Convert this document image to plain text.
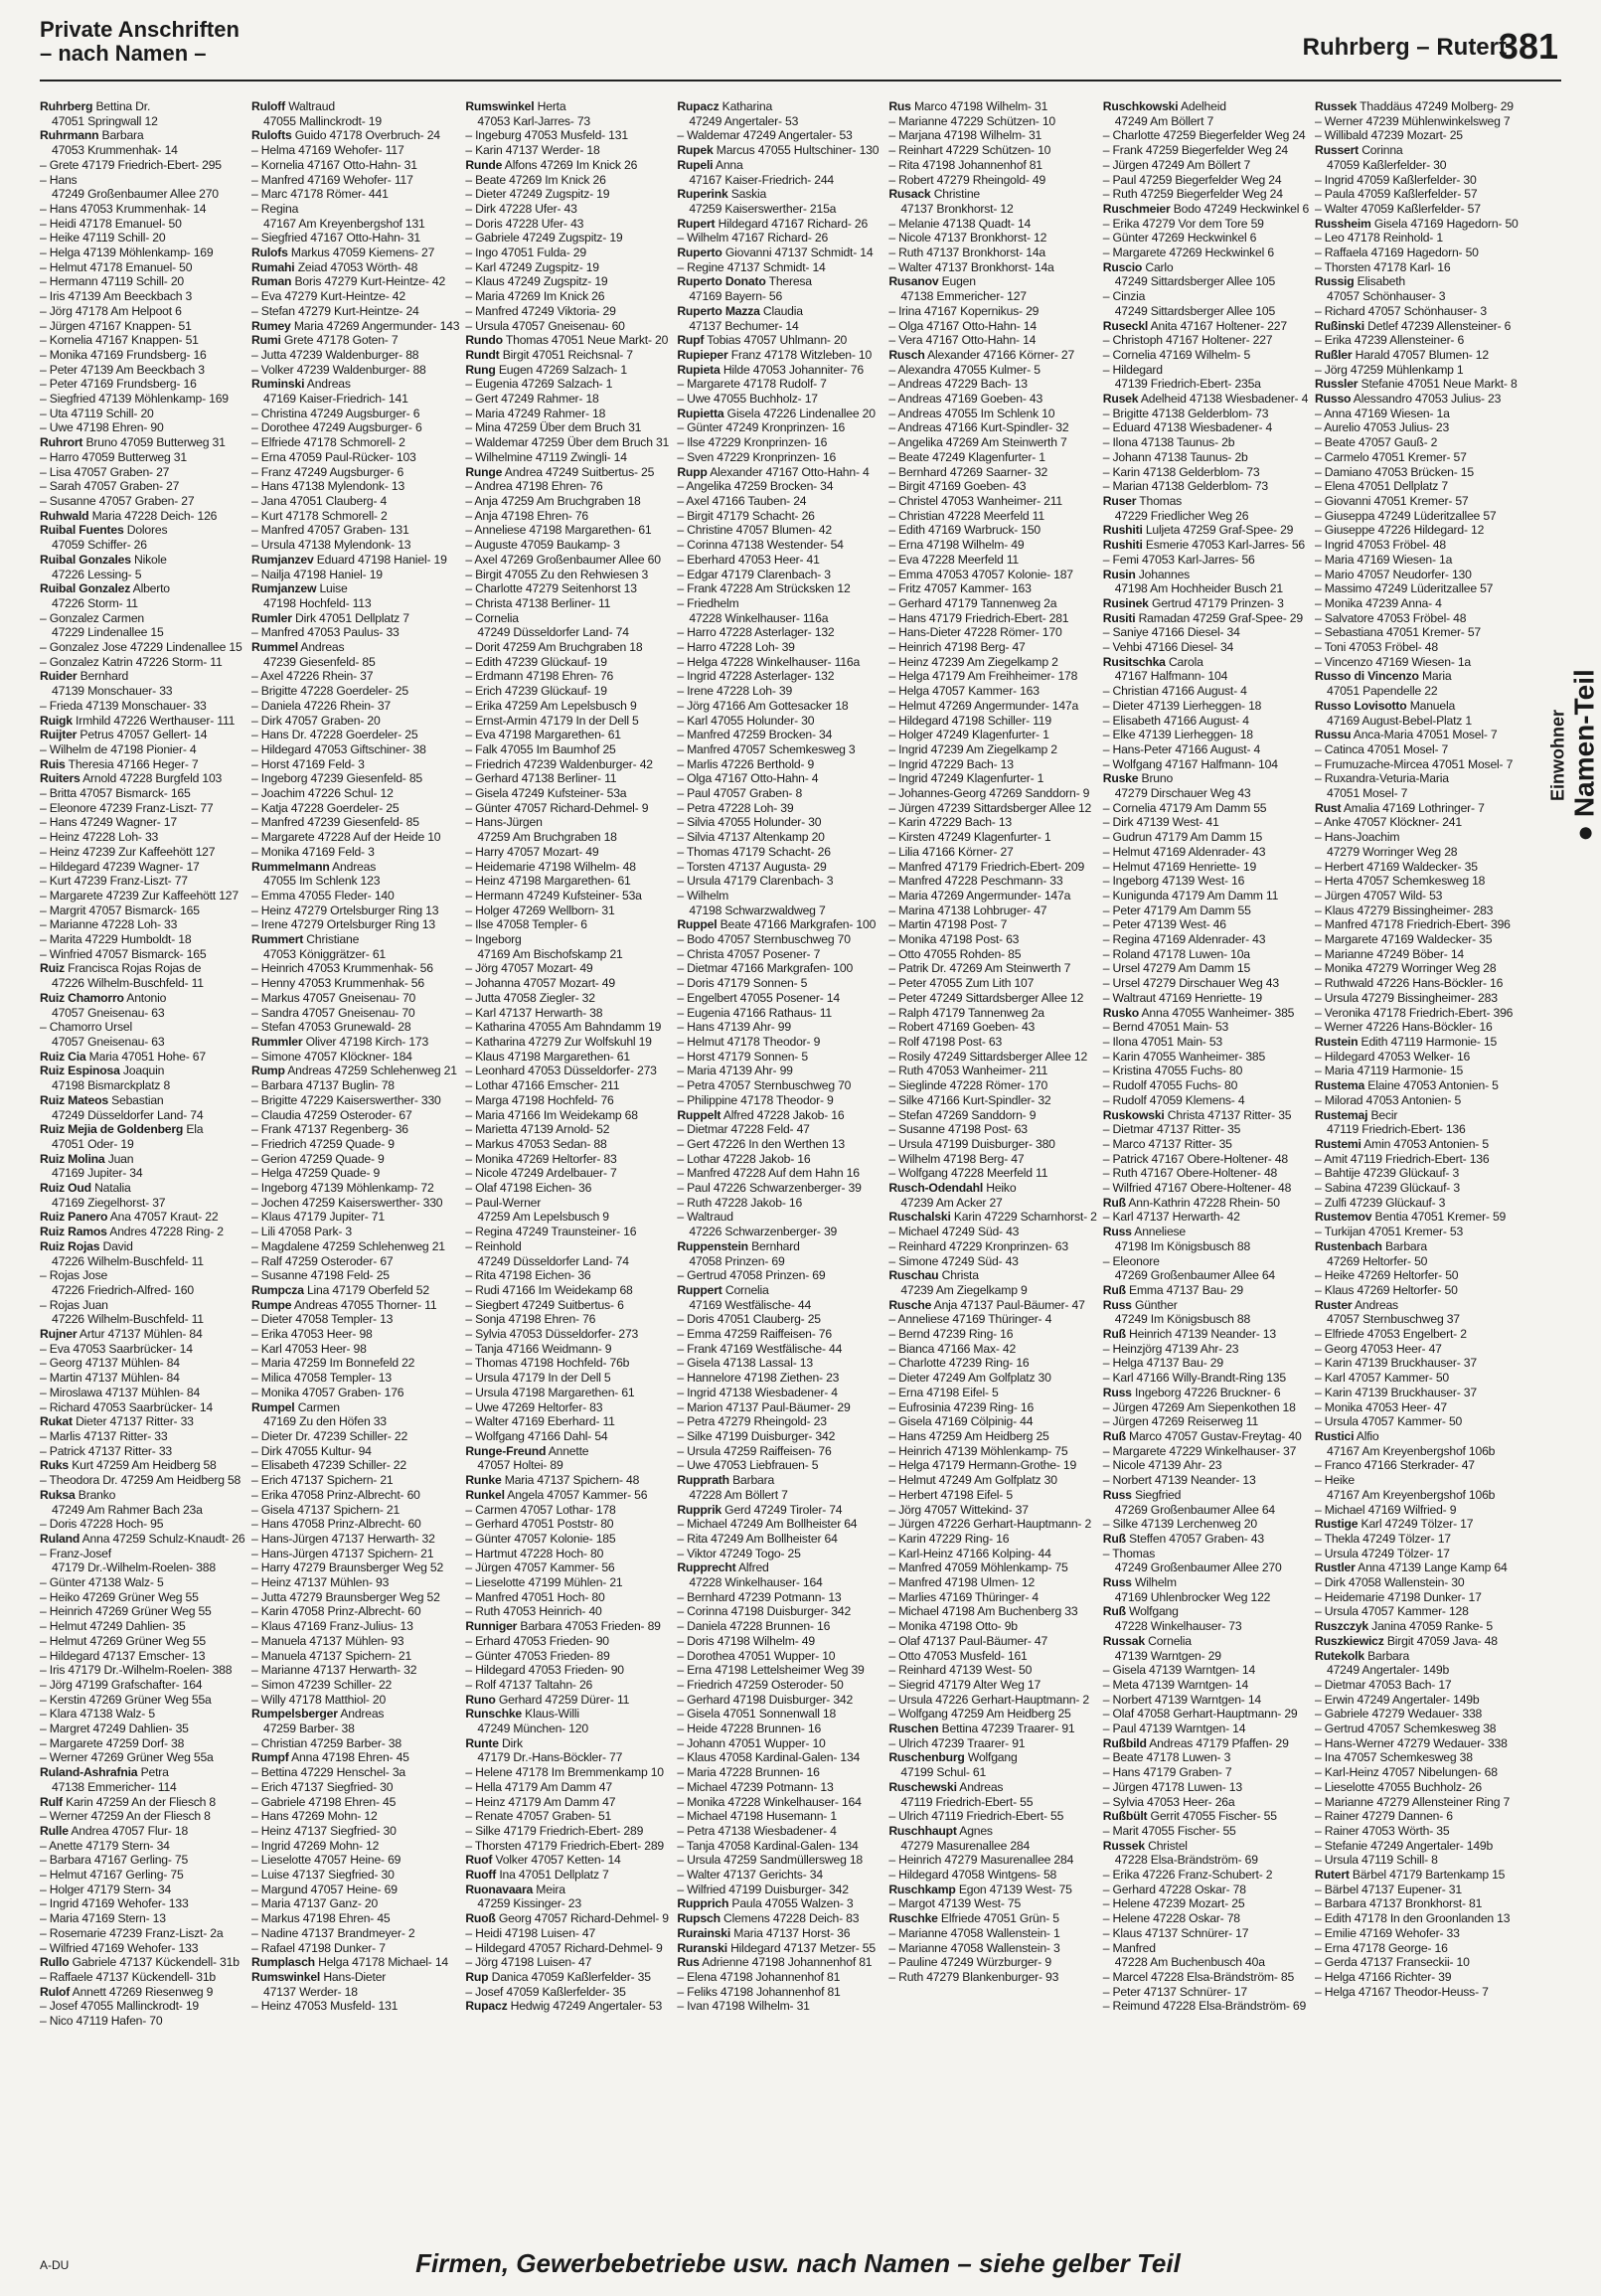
Private Anschriften
– nach Namen –	Ruhrberg – Rutert
381
Ruhrberg Bettina Dr.
47051 Springwall 12
Ruhrmann Barbara
47053 Krummenhak- 14
– Grete 47179 Friedrich-Ebert- 295
– Hans
47249 Großenbaumer Allee 270
– Hans 47053 Krummenhak- 14
– Heidi 47178 Emanuel- 50
– Heike 47119 Schill- 20
– Helga 47139 Möhlenkamp- 169
– Helmut 47178 Emanuel- 50
– Hermann 47119 Schill- 20
– Iris 47139 Am Beeckbach 3
– Jörg 47178 Am Helpoot 6
– Jürgen 47167 Knappen- 51
– Kornelia 47167 Knappen- 51
– Monika 47169 Frundsberg- 16
– Peter 47139 Am Beeckbach 3
– Peter 47169 Frundsberg- 16
– Siegfried 47139 Möhlenkamp- 169
– Uta 47119 Schill- 20
– Uwe 47198 Ehren- 90
Ruhrort Bruno 47059 Butterweg 31
– Harro 47059 Butterweg 31
– Lisa 47057 Graben- 27
– Sarah 47057 Graben- 27
– Susanne 47057 Graben- 27
Ruhwald Maria 47228 Deich- 126
Ruibal Fuentes Dolores
47059 Schiffer- 26
Ruibal Gonzales Nikole
47226 Lessing- 5
Ruibal Gonzalez Alberto
47226 Storm- 11
– Gonzalez Carmen
47229 Lindenallee 15
– Gonzalez Jose 47229 Lindenallee 15
– Gonzalez Katrin 47226 Storm- 11
Ruider Bernhard
47139 Monschauer- 33
– Frieda 47139 Monschauer- 33
Ruigk Irmhild 47226 Werthauser- 111
Ruijter Petrus 47057 Gellert- 14
– Wilhelm de 47198 Pionier- 4
Ruis Theresia 47166 Heger- 7
Ruiters Arnold 47228 Burgfeld 103
– Britta 47057 Bismarck- 165
– Eleonore 47239 Franz-Liszt- 77
– Hans 47249 Wagner- 17
– Heinz 47228 Loh- 33
– Heinz 47239 Zur Kaffeehött 127
– Hildegard 47239 Wagner- 17
– Kurt 47239 Franz-Liszt- 77
– Margarete 47239 Zur Kaffeehött 127
– Margrit 47057 Bismarck- 165
– Marianne 47228 Loh- 33
– Marita 47229 Humboldt- 18
– Winfried 47057 Bismarck- 165
Ruiz Francisca Rojas Rojas de
47226 Wilhelm-Buschfeld- 11
Ruiz Chamorro Antonio
47057 Gneisenau- 63
– Chamorro Ursel
47057 Gneisenau- 63
Ruiz Cia Maria 47051 Hohe- 67
Ruiz Espinosa Joaquin
47198 Bismarckplatz 8
Ruiz Mateos Sebastian
47249 Düsseldorfer Land- 74
Ruiz Mejia de Goldenberg Ela
47051 Oder- 19
Ruiz Molina Juan
47169 Jupiter- 34
Ruiz Oud Natalia
47169 Ziegelhorst- 37
Ruiz Panero Ana 47057 Kraut- 22
Ruiz Ramos Andres 47228 Ring- 2
Ruiz Rojas David
47226 Wilhelm-Buschfeld- 11
– Rojas Jose
47226 Friedrich-Alfred- 160
– Rojas Juan
47226 Wilhelm-Buschfeld- 11
Rujner Artur 47137 Mühlen- 84
– Eva 47053 Saarbrücker- 14
– Georg 47137 Mühlen- 84
– Martin 47137 Mühlen- 84
– Miroslawa 47137 Mühlen- 84
– Richard 47053 Saarbrücker- 14
Rukat Dieter 47137 Ritter- 33
– Marlis 47137 Ritter- 33
– Patrick 47137 Ritter- 33
Ruks Kurt 47259 Am Heidberg 58
– Theodora Dr. 47259 Am Heidberg 58
Ruksa Branko
47249 Am Rahmer Bach 23a
– Doris 47228 Hoch- 95
Ruland Anna 47259 Schulz-Knaudt- 26
– Franz-Josef
47179 Dr.-Wilhelm-Roelen- 388
– Günter 47138 Walz- 5
– Heiko 47269 Grüner Weg 55
– Heinrich 47269 Grüner Weg 55
– Helmut 47249 Dahlien- 35
– Helmut 47269 Grüner Weg 55
– Hildegard 47137 Emscher- 13
– Iris 47179 Dr.-Wilhelm-Roelen- 388
– Jörg 47199 Grafschafter- 164
– Kerstin 47269 Grüner Weg 55a
– Klara 47138 Walz- 5
– Margret 47249 Dahlien- 35
– Margarete 47259 Dorf- 38
– Werner 47269 Grüner Weg 55a
Ruland-Ashrafnia Petra
47138 Emmericher- 114
Rulf Karin 47259 An der Fliesch 8
– Werner 47259 An der Fliesch 8
Rulle Andrea 47057 Flur- 18
– Anette 47179 Stern- 34
– Barbara 47167 Gerling- 75
– Helmut 47167 Gerling- 75
– Holger 47179 Stern- 34
– Ingrid 47169 Wehofer- 133
– Maria 47169 Stern- 13
– Rosemarie 47239 Franz-Liszt- 2a
– Wilfried 47169 Wehofer- 133
Rullo Gabriele 47137 Kückendell- 31b
– Raffaele 47137 Kückendell- 31b
Rulof Annett 47269 Riesenweg 9
– Josef 47055 Mallinckrodt- 19
– Nico 47119 Hafen- 70
Ruloff Waltraud
47055 Mallinckrodt- 19
Rulofts Guido 47178 Overbruch- 24
– Helma 47169 Wehofer- 117
– Kornelia 47167 Otto-Hahn- 31
– Manfred 47169 Wehofer- 117
– Marc 47178 Römer- 441
– Regina
47167 Am Kreyenbergshof 131
– Siegfried 47167 Otto-Hahn- 31
Rulofs Markus 47059 Kiemens- 27
Rumahi Zeiad 47053 Wörth- 48
Ruman Boris 47279 Kurt-Heintze- 42
– Eva 47279 Kurt-Heintze- 42
– Stefan 47279 Kurt-Heintze- 24
Rumey Maria 47269 Angermunder- 143
Rumi Grete 47178 Goten- 7
– Jutta 47239 Waldenburger- 88
– Volker 47239 Waldenburger- 88
Ruminski Andreas
47169 Kaiser-Friedrich- 141
– Christina 47249 Augsburger- 6
– Dorothee 47249 Augsburger- 6
– Elfriede 47178 Schmorell- 2
– Erna 47059 Paul-Rücker- 103
– Franz 47249 Augsburger- 6
– Hans 47138 Mylendonk- 13
– Jana 47051 Clauberg- 4
– Kurt 47178 Schmorell- 2
– Manfred 47057 Graben- 131
– Ursula 47138 Mylendonk- 13
Rumjanzev Eduard 47198 Haniel- 19
– Nailja 47198 Haniel- 19
Rumjanzew Luise
47198 Hochfeld- 113
Rumler Dirk 47051 Dellplatz 7
– Manfred 47053 Paulus- 33
Rummel Andreas
47239 Giesenfeld- 85
– Axel 47226 Rhein- 37
– Brigitte 47228 Goerdeler- 25
– Daniela 47226 Rhein- 37
– Dirk 47057 Graben- 20
– Hans Dr. 47228 Goerdeler- 25
– Hildegard 47053 Giftschiner- 38
– Horst 47169 Feld- 3
– Ingeborg 47239 Giesenfeld- 85
– Joachim 47226 Schul- 12
– Katja 47228 Goerdeler- 25
– Manfred 47239 Giesenfeld- 85
– Margarete 47228 Auf der Heide 10
– Monika 47169 Feld- 3
Rummelmann Andreas
47055 Im Schlenk 123
– Emma 47055 Fleder- 140
– Heinz 47279 Ortelsburger Ring 13
– Irene 47279 Ortelsburger Ring 13
Rummert Christiane
47053 Königgrätzer- 61
– Heinrich 47053 Krummenhak- 56
– Henny 47053 Krummenhak- 56
– Markus 47057 Gneisenau- 70
– Sandra 47057 Gneisenau- 70
– Stefan 47053 Grunewald- 28
Rummler Oliver 47198 Kirch- 173
– Simone 47057 Klöckner- 184
Rump Andreas 47259 Schlehenweg 21
– Barbara 47137 Buglin- 78
– Brigitte 47229 Kaiserswerther- 330
– Claudia 47259 Osteroder- 67
– Frank 47137 Regenberg- 36
– Friedrich 47259 Quade- 9
– Gerion 47259 Quade- 9
– Helga 47259 Quade- 9
– Ingeborg 47139 Möhlenkamp- 72
– Jochen 47259 Kaiserswerther- 330
– Klaus 47179 Jupiter- 71
– Lili 47058 Park- 3
– Magdalene 47259 Schlehenweg 21
– Ralf 47259 Osteroder- 67
– Susanne 47198 Feld- 25
Rumpcza Lina 47179 Oberfeld 52
Rumpe Andreas 47055 Thorner- 11
– Dieter 47058 Templer- 13
– Erika 47053 Heer- 98
– Karl 47053 Heer- 98
– Maria 47259 Im Bonnefeld 22
– Milica 47058 Templer- 13
– Monika 47057 Graben- 176
Rumpel Carmen
47169 Zu den Höfen 33
– Dieter Dr. 47239 Schiller- 22
– Dirk 47055 Kultur- 94
– Elisabeth 47239 Schiller- 22
– Erich 47137 Spichern- 21
– Erika 47058 Prinz-Albrecht- 60
– Gisela 47137 Spichern- 21
– Hans 47058 Prinz-Albrecht- 60
– Hans-Jürgen 47137 Herwarth- 32
– Hans-Jürgen 47137 Spichern- 21
– Harry 47279 Braunsberger Weg 52
– Heinz 47137 Mühlen- 93
– Jutta 47279 Braunsberger Weg 52
– Karin 47058 Prinz-Albrecht- 60
– Klaus 47169 Franz-Julius- 13
– Manuela 47137 Mühlen- 93
– Manuela 47137 Spichern- 21
– Marianne 47137 Herwarth- 32
– Simon 47239 Schiller- 22
– Willy 47178 Matthiol- 20
Rumpelsberger Andreas
47259 Barber- 38
– Christian 47259 Barber- 38
Rumpf Anna 47198 Ehren- 45
– Bettina 47229 Henschel- 3a
– Erich 47137 Siegfried- 30
– Gabriele 47198 Ehren- 45
– Hans 47269 Mohn- 12
– Heinz 47137 Siegfried- 30
– Ingrid 47269 Mohn- 12
– Lieselotte 47057 Heine- 69
– Luise 47137 Siegfried- 30
– Margund 47057 Heine- 69
– Maria 47137 Ganz- 20
– Markus 47198 Ehren- 45
– Nadine 47137 Brandmeyer- 2
– Rafael 47198 Dunker- 7
Rumplasch Helga 47178 Michael- 14
Rumswinkel Hans-Dieter
47137 Werder- 18
– Heinz 47053 Musfeld- 131
Rumswinkel Herta
47053 Karl-Jarres- 73
– Ingeburg 47053 Musfeld- 131
– Karin 47137 Werder- 18
Runde Alfons 47269 Im Knick 26
– Beate 47269 Im Knick 26
– Dieter 47249 Zugspitz- 19
– Dirk 47228 Ufer- 43
– Doris 47228 Ufer- 43
– Gabriele 47249 Zugspitz- 19
– Ingo 47051 Fulda- 29
– Karl 47249 Zugspitz- 19
– Klaus 47249 Zugspitz- 19
– Maria 47269 Im Knick 26
– Manfred 47249 Viktoria- 29
– Ursula 47057 Gneisenau- 60
Rundo Thomas 47051 Neue Markt- 20
Rundt Birgit 47051 Reichsnal- 7
Rung Eugen 47269 Salzach- 1
– Eugenia 47269 Salzach- 1
– Gert 47249 Rahmer- 18
– Maria 47249 Rahmer- 18
– Mina 47259 Über dem Bruch 31
– Waldemar 47259 Über dem Bruch 31
– Wilhelmine 47119 Zwingli- 14
Runge Andrea 47249 Suitbertus- 25
– Andrea 47198 Ehren- 76
– Anja 47259 Am Bruchgraben 18
– Anja 47198 Ehren- 76
– Anneliese 47198 Margarethen- 61
– Auguste 47059 Baukamp- 3
– Axel 47269 Großenbaumer Allee 60
– Birgit 47055 Zu den Rehwiesen 3
– Charlotte 47279 Seitenhorst 13
– Christa 47138 Berliner- 11
– Cornelia
47249 Düsseldorfer Land- 74
– Dorit 47259 Am Bruchgraben 18
– Edith 47239 Glückauf- 19
– Erdmann 47198 Ehren- 76
– Erich 47239 Glückauf- 19
– Erika 47259 Am Lepelsbusch 9
– Ernst-Armin 47179 In der Dell 5
– Eva 47198 Margarethen- 61
– Falk 47055 Im Baumhof 25
– Friedrich 47239 Waldenburger- 42
– Gerhard 47138 Berliner- 11
– Gisela 47249 Kufsteiner- 53a
– Günter 47057 Richard-Dehmel- 9
– Hans-Jürgen
47259 Am Bruchgraben 18
– Harry 47057 Mozart- 49
– Heidemarie 47198 Wilhelm- 48
– Heinz 47198 Margarethen- 61
– Hermann 47249 Kufsteiner- 53a
– Holger 47269 Wellborn- 31
– Ilse 47058 Templer- 6
– Ingeborg
47169 Am Bischofskamp 21
– Jörg 47057 Mozart- 49
– Johanna 47057 Mozart- 49
– Jutta 47058 Ziegler- 32
– Karl 47137 Herwarth- 38
– Katharina 47055 Am Bahndamm 19
– Katharina 47279 Zur Wolfskuhl 19
– Klaus 47198 Margarethen- 61
– Leonhard 47053 Düsseldorfer- 273
– Lothar 47166 Emscher- 211
– Marga 47198 Hochfeld- 76
– Maria 47166 Im Weidekamp 68
– Marietta 47139 Arnold- 52
– Markus 47053 Sedan- 88
– Monika 47269 Heltorfer- 83
– Nicole 47249 Ardelbauer- 7
– Olaf 47198 Eichen- 36
– Paul-Werner
47259 Am Lepelsbusch 9
– Regina 47249 Traunsteiner- 16
– Reinhold
47249 Düsseldorfer Land- 74
– Rita 47198 Eichen- 36
– Rudi 47166 Im Weidekamp 68
– Siegbert 47249 Suitbertus- 6
– Sonja 47198 Ehren- 76
– Sylvia 47053 Düsseldorfer- 273
– Tanja 47166 Weidmann- 9
– Thomas 47198 Hochfeld- 76b
– Ursula 47179 In der Dell 5
– Ursula 47198 Margarethen- 61
– Uwe 47269 Heltorfer- 83
– Walter 47169 Eberhard- 11
– Wolfgang 47166 Dahl- 54
Runge-Freund Annette
47057 Holtei- 89
Runke Maria 47137 Spichern- 48
Runkel Angela 47057 Kammer- 56
– Carmen 47057 Lothar- 178
– Gerhard 47051 Poststr- 80
– Günter 47057 Kolonie- 185
– Hartmut 47228 Hoch- 80
– Jürgen 47057 Kammer- 56
– Lieselotte 47199 Mühlen- 21
– Manfred 47051 Hoch- 80
– Ruth 47053 Heinrich- 40
Runniger Barbara 47053 Frieden- 89
– Erhard 47053 Frieden- 90
– Günter 47053 Frieden- 89
– Hildegard 47053 Frieden- 90
– Rolf 47137 Taltahn- 26
Runo Gerhard 47259 Dürer- 11
Runschke Klaus-Willi
47249 München- 120
Runte Dirk
47179 Dr.-Hans-Böckler- 77
– Helene 47178 Im Bremmenkamp 10
– Hella 47179 Am Damm 47
– Heinz 47179 Am Damm 47
– Renate 47057 Graben- 51
– Silke 47179 Friedrich-Ebert- 289
– Thorsten 47179 Friedrich-Ebert- 289
Ruof Volker 47057 Ketten- 14
Ruoff Ina 47051 Dellplatz 7
Ruonavaara Meira
47259 Kissinger- 23
Ruoß Georg 47057 Richard-Dehmel- 9
– Heidi 47198 Luisen- 47
– Hildegard 47057 Richard-Dehmel- 9
– Jörg 47198 Luisen- 47
Rup Danica 47059 Kaßlerfelder- 35
– Josef 47059 Kaßlerfelder- 35
Rupacz Hedwig 47249 Angertaler- 53
Rupacz Katharina
47249 Angertaler- 53
– Waldemar 47249 Angertaler- 53
Rupek Marcus 47055 Hultschiner- 130
Rupeli Anna
47167 Kaiser-Friedrich- 244
Ruperink Saskia
47259 Kaiserswerther- 215a
Rupert Hildegard 47167 Richard- 26
– Wilhelm 47167 Richard- 26
Ruperto Giovanni 47137 Schmidt- 14
– Regine 47137 Schmidt- 14
Ruperto Donato Theresa
47169 Bayern- 56
Ruperto Mazza Claudia
47137 Bechumer- 14
Rupf Tobias 47057 Uhlmann- 20
Rupieper Franz 47178 Witzleben- 10
Rupieta Hilde 47053 Johanniter- 76
– Margarete 47178 Rudolf- 7
– Uwe 47055 Buchholz- 17
Rupietta Gisela 47226 Lindenallee 20
– Günter 47249 Kronprinzen- 16
– Ilse 47229 Kronprinzen- 16
– Sven 47229 Kronprinzen- 16
Rupp Alexander 47167 Otto-Hahn- 4
– Angelika 47259 Brocken- 34
– Axel 47166 Tauben- 24
– Birgit 47179 Schacht- 26
– Christine 47057 Blumen- 42
– Corinna 47138 Westender- 54
– Eberhard 47053 Heer- 41
– Edgar 47179 Clarenbach- 3
– Frank 47228 Am Strücksken 12
– Friedhelm
47228 Winkelhauser- 116a
– Harro 47228 Asterlager- 132
– Harro 47228 Loh- 39
– Helga 47228 Winkelhauser- 116a
– Ingrid 47228 Asterlager- 132
– Irene 47228 Loh- 39
– Jörg 47166 Am Gottesacker 18
– Karl 47055 Holunder- 30
– Manfred 47259 Brocken- 34
– Manfred 47057 Schemkesweg 3
– Marlis 47226 Berthold- 9
– Olga 47167 Otto-Hahn- 4
– Paul 47057 Graben- 8
– Petra 47228 Loh- 39
– Silvia 47055 Holunder- 30
– Silvia 47137 Altenkamp 20
– Thomas 47179 Schacht- 26
– Torsten 47137 Augusta- 29
– Ursula 47179 Clarenbach- 3
– Wilhelm
47198 Schwarzwaldweg 7
Ruppel Beate 47166 Markgrafen- 100
– Bodo 47057 Sternbuschweg 70
– Christa 47057 Posener- 7
– Dietmar 47166 Markgrafen- 100
– Doris 47179 Sonnen- 5
– Engelbert 47055 Posener- 14
– Eugenia 47166 Rathaus- 11
– Hans 47139 Ahr- 99
– Helmut 47178 Theodor- 9
– Horst 47179 Sonnen- 5
– Maria 47139 Ahr- 99
– Petra 47057 Sternbuschweg 70
– Philippine 47178 Theodor- 9
Ruppelt Alfred 47228 Jakob- 16
– Dietmar 47228 Feld- 47
– Gert 47226 In den Werthen 13
– Lothar 47228 Jakob- 16
– Manfred 47228 Auf dem Hahn 16
– Paul 47226 Schwarzenberger- 39
– Ruth 47228 Jakob- 16
– Waltraud
47226 Schwarzenberger- 39
Ruppenstein Bernhard
47058 Prinzen- 69
– Gertrud 47058 Prinzen- 69
Ruppert Cornelia
47169 Westfälische- 44
– Doris 47051 Clauberg- 25
– Emma 47259 Raiffeisen- 76
– Frank 47169 Westfälische- 44
– Gisela 47138 Lassal- 13
– Hannelore 47198 Ziethen- 23
– Ingrid 47138 Wiesbadener- 4
– Marion 47137 Paul-Bäumer- 29
– Petra 47279 Rheingold- 23
– Silke 47199 Duisburger- 342
– Ursula 47259 Raiffeisen- 76
– Uwe 47053 Liebfrauen- 5
Rupprath Barbara
47228 Am Böllert 7
Rupprik Gerd 47249 Tiroler- 74
– Michael 47249 Am Bollheister 64
– Rita 47249 Am Bollheister 64
– Viktor 47249 Togo- 25
Rupprecht Alfred
47228 Winkelhauser- 164
– Bernhard 47239 Potmann- 13
– Corinna 47198 Duisburger- 342
– Daniela 47228 Brunnen- 16
– Doris 47198 Wilhelm- 49
– Dorothea 47051 Wupper- 10
– Erna 47198 Lettelsheimer Weg 39
– Friedrich 47259 Osteroder- 50
– Gerhard 47198 Duisburger- 342
– Gisela 47051 Sonnenwall 18
– Heide 47228 Brunnen- 16
– Johann 47051 Wupper- 10
– Klaus 47058 Kardinal-Galen- 134
– Maria 47228 Brunnen- 16
– Michael 47239 Potmann- 13
– Monika 47228 Winkelhauser- 164
– Michael 47198 Husemann- 1
– Petra 47138 Wiesbadener- 4
– Tanja 47058 Kardinal-Galen- 134
– Ursula 47259 Sandmüllersweg 18
– Walter 47137 Gerichts- 34
– Wilfried 47199 Duisburger- 342
Rupprich Paula 47055 Walzen- 3
Rupsch Clemens 47228 Deich- 83
Rurainski Maria 47137 Horst- 36
Ruranski Hildegard 47137 Metzer- 55
Rus Adrienne 47198 Johannenhof 81
– Elena 47198 Johannenhof 81
– Feliks 47198 Johannenhof 81
– Ivan 47198 Wilhelm- 31
Rus Marco 47198 Wilhelm- 31
– Marianne 47229 Schützen- 10
– Marjana 47198 Wilhelm- 31
– Reinhart 47229 Schützen- 10
– Rita 47198 Johannenhof 81
– Robert 47279 Rheingold- 49
Rusack Christine
47137 Bronkhorst- 12
– Melanie 47138 Quadt- 14
– Nicole 47137 Bronkhorst- 12
– Ruth 47137 Bronkhorst- 14a
– Walter 47137 Bronkhorst- 14a
Rusanov Eugen
47138 Emmericher- 127
– Irina 47167 Kopernikus- 29
– Olga 47167 Otto-Hahn- 14
– Vera 47167 Otto-Hahn- 14
Rusch Alexander 47166 Körner- 27
– Alexandra 47055 Kulmer- 5
– Andreas 47229 Bach- 13
– Andreas 47169 Goeben- 43
– Andreas 47055 Im Schlenk 10
– Andreas 47166 Kurt-Spindler- 32
– Angelika 47269 Am Steinwerth 7
– Beate 47249 Klagenfurter- 1
– Bernhard 47269 Saarner- 32
– Birgit 47169 Goeben- 43
– Christel 47053 Wanheimer- 211
– Christian 47228 Meerfeld 11
– Edith 47169 Warbruck- 150
– Erna 47198 Wilhelm- 49
– Eva 47228 Meerfeld 11
– Emma 47053 47057 Kolonie- 187
– Fritz 47057 Kammer- 163
– Gerhard 47179 Tannenweg 2a
– Hans 47179 Friedrich-Ebert- 281
– Hans-Dieter 47228 Römer- 170
– Heinrich 47198 Berg- 47
– Heinz 47239 Am Ziegelkamp 2
– Helga 47179 Am Freihheimer- 178
– Helga 47057 Kammer- 163
– Helmut 47269 Angermunder- 147a
– Hildegard 47198 Schiller- 119
– Holger 47249 Klagenfurter- 1
– Ingrid 47239 Am Ziegelkamp 2
– Ingrid 47229 Bach- 13
– Ingrid 47249 Klagenfurter- 1
– Johannes-Georg 47269 Sanddorn- 9
– Jürgen 47239 Sittardsberger Allee 12
– Karin 47229 Bach- 13
– Kirsten 47249 Klagenfurter- 1
– Lilia 47166 Körner- 27
– Manfred 47179 Friedrich-Ebert- 209
– Manfred 47228 Peschmann- 33
– Maria 47269 Angermunder- 147a
– Marina 47138 Lohbruger- 47
– Martin 47198 Post- 7
– Monika 47198 Post- 63
– Otto 47055 Rohden- 85
– Patrik Dr. 47269 Am Steinwerth 7
– Peter 47055 Zum Lith 107
– Peter 47249 Sittardsberger Allee 12
– Ralph 47179 Tannenweg 2a
– Robert 47169 Goeben- 43
– Rolf 47198 Post- 63
– Rosily 47249 Sittardsberger Allee 12
– Ruth 47053 Wanheimer- 211
– Sieglinde 47228 Römer- 170
– Silke 47166 Kurt-Spindler- 32
– Stefan 47269 Sanddorn- 9
– Susanne 47198 Post- 63
– Ursula 47199 Duisburger- 380
– Wilhelm 47198 Berg- 47
– Wolfgang 47228 Meerfeld 11
Rusch-Odendahl Heiko
47239 Am Acker 27
Ruschalski Karin 47229 Scharnhorst- 2
– Michael 47249 Süd- 43
– Reinhard 47229 Kronprinzen- 63
– Simone 47249 Süd- 43
Ruschau Christa
47239 Am Ziegelkamp 9
Rusche Anja 47137 Paul-Bäumer- 47
– Anneliese 47169 Thüringer- 4
– Bernd 47239 Ring- 16
– Bianca 47166 Max- 42
– Charlotte 47239 Ring- 16
– Dieter 47249 Am Golfplatz 30
– Erna 47198 Eifel- 5
– Eufrosinia 47239 Ring- 16
– Gisela 47169 Cölpinig- 44
– Hans 47259 Am Heidberg 25
– Heinrich 47139 Möhlenkamp- 75
– Helga 47179 Hermann-Grothe- 19
– Helmut 47249 Am Golfplatz 30
– Herbert 47198 Eifel- 5
– Jörg 47057 Wittekind- 37
– Jürgen 47226 Gerhart-Hauptmann- 2
– Karin 47229 Ring- 16
– Karl-Heinz 47166 Kolping- 44
– Manfred 47059 Möhlenkamp- 75
– Manfred 47198 Ulmen- 12
– Marlies 47169 Thüringer- 4
– Michael 47198 Am Buchenberg 33
– Monika 47198 Otto- 9b
– Olaf 47137 Paul-Bäumer- 47
– Otto 47053 Musfeld- 161
– Reinhard 47139 West- 50
– Siegrid 47179 Alter Weg 17
– Ursula 47226 Gerhart-Hauptmann- 2
– Wolfgang 47259 Am Heidberg 25
Ruschen Bettina 47239 Traarer- 91
– Ulrich 47239 Traarer- 91
Ruschenburg Wolfgang
47199 Schul- 61
Ruschewski Andreas
47119 Friedrich-Ebert- 55
– Ulrich 47119 Friedrich-Ebert- 55
Ruschhaupt Agnes
47279 Masurenallee 284
– Heinrich 47279 Masurenallee 284
– Hildegard 47058 Wintgens- 58
Ruschkamp Egon 47139 West- 75
– Margot 47139 West- 75
Ruschke Elfriede 47051 Grün- 5
– Marianne 47058 Wallenstein- 1
– Marianne 47058 Wallenstein- 3
– Pauline 47249 Würzburger- 9
– Ruth 47279 Blankenburger- 93
Ruschkowski Adelheid
47249 Am Böllert 7
– Charlotte 47259 Biegerfelder Weg 24
– Frank 47259 Biegerfelder Weg 24
– Jürgen 47249 Am Böllert 7
– Paul 47259 Biegerfelder Weg 24
– Ruth 47259 Biegerfelder Weg 24
Ruschmeier Bodo 47249 Heckwinkel 6
– Erika 47279 Vor dem Tore 59
– Günter 47269 Heckwinkel 6
– Margarete 47269 Heckwinkel 6
Ruscio Carlo
47249 Sittardsberger Allee 105
– Cinzia
47249 Sittardsberger Allee 105
Ruseckl Anita 47167 Holtener- 227
– Christoph 47167 Holtener- 227
– Cornelia 47169 Wilhelm- 5
– Hildegard
47139 Friedrich-Ebert- 235a
Rusek Adelheid 47138 Wiesbadener- 4
– Brigitte 47138 Gelderblom- 73
– Eduard 47138 Wiesbadener- 4
– Ilona 47138 Taunus- 2b
– Johann 47138 Taunus- 2b
– Karin 47138 Gelderblom- 73
– Marian 47138 Gelderblom- 73
Ruser Thomas
47229 Friedlicher Weg 26
Rushiti Luljeta 47259 Graf-Spee- 29
Rushiti Esmerie 47053 Karl-Jarres- 56
– Femi 47053 Karl-Jarres- 56
Rusin Johannes
47198 Am Hochheider Busch 21
Rusinek Gertrud 47179 Prinzen- 3
Rusiti Ramadan 47259 Graf-Spee- 29
– Saniye 47166 Diesel- 34
– Vehbi 47166 Diesel- 34
Rusitschka Carola
47167 Halfmann- 104
– Christian 47166 August- 4
– Dieter 47139 Lierheggen- 18
– Elisabeth 47166 August- 4
– Elke 47139 Lierheggen- 18
– Hans-Peter 47166 August- 4
– Wolfgang 47167 Halfmann- 104
Ruske Bruno
47279 Dirschauer Weg 43
– Cornelia 47179 Am Damm 55
– Dirk 47139 West- 41
– Gudrun 47179 Am Damm 15
– Helmut 47169 Aldenrader- 43
– Helmut 47169 Henriette- 19
– Ingeborg 47139 West- 16
– Kunigunda 47179 Am Damm 11
– Peter 47179 Am Damm 55
– Peter 47139 West- 46
– Regina 47169 Aldenrader- 43
– Roland 47178 Luwen- 10a
– Ursel 47279 Am Damm 15
– Ursel 47279 Dirschauer Weg 43
– Waltraut 47169 Henriette- 19
Rusko Anna 47055 Wanheimer- 385
– Bernd 47051 Main- 53
– Ilona 47051 Main- 53
– Karin 47055 Wanheimer- 385
– Kristina 47055 Fuchs- 80
– Rudolf 47055 Fuchs- 80
– Rudolf 47059 Klemens- 4
Ruskowski Christa 47137 Ritter- 35
– Dietmar 47137 Ritter- 35
– Marco 47137 Ritter- 35
– Patrick 47167 Obere-Holtener- 48
– Ruth 47167 Obere-Holtener- 48
– Wilfried 47167 Obere-Holtener- 48
Ruß Ann-Kathrin 47228 Rhein- 50
– Karl 47137 Herwarth- 42
Russ Anneliese
47198 Im Königsbusch 88
– Eleonore
47269 Großenbaumer Allee 64
Ruß Emma 47137 Bau- 29
Russ Günther
47249 Im Königsbusch 88
Ruß Heinrich 47139 Neander- 13
– Heinzjörg 47139 Ahr- 23
– Helga 47137 Bau- 29
– Karl 47166 Willy-Brandt-Ring 135
Russ Ingeborg 47226 Bruckner- 6
– Jürgen 47269 Am Siepenkothen 18
– Jürgen 47269 Reiserweg 11
Ruß Marco 47057 Gustav-Freytag- 40
– Margarete 47229 Winkelhauser- 37
– Nicole 47139 Ahr- 23
– Norbert 47139 Neander- 13
Russ Siegfried
47269 Großenbaumer Allee 64
– Silke 47139 Lerchenweg 20
Ruß Steffen 47057 Graben- 43
– Thomas
47249 Großenbaumer Allee 270
Russ Wilhelm
47169 Uhlenbrocker Weg 122
Ruß Wolfgang
47228 Winkelhauser- 73
Russak Cornelia
47139 Warntgen- 29
– Gisela 47139 Warntgen- 14
– Meta 47139 Warntgen- 14
– Norbert 47139 Warntgen- 14
– Olaf 47058 Gerhart-Hauptmann- 29
– Paul 47139 Warntgen- 14
Rußbild Andreas 47179 Pfaffen- 29
– Beate 47178 Luwen- 3
– Hans 47179 Graben- 7
– Jürgen 47178 Luwen- 13
– Sylvia 47053 Heer- 26a
Rußbült Gerrit 47055 Fischer- 55
– Marit 47055 Fischer- 55
Russek Christel
47228 Elsa-Brändström- 69
– Erika 47226 Franz-Schubert- 2
– Gerhard 47228 Oskar- 78
– Helene 47239 Mozart- 25
– Helene 47228 Oskar- 78
– Klaus 47137 Schnürer- 17
– Manfred
47228 Am Buchenbusch 40a
– Marcel 47228 Elsa-Brändström- 85
– Peter 47137 Schnürer- 17
– Reimund 47228 Elsa-Brändström- 69
Russek Thaddäus 47249 Molberg- 29
– Werner 47239 Mühlenwinkelsweg 7
– Willibald 47239 Mozart- 25
Russert Corinna
47059 Kaßlerfelder- 30
– Ingrid 47059 Kaßlerfelder- 30
– Paula 47059 Kaßlerfelder- 57
– Walter 47059 Kaßlerfelder- 57
Russheim Gisela 47169 Hagedorn- 50
– Leo 47178 Reinhold- 1
– Raffaela 47169 Hagedorn- 50
– Thorsten 47178 Karl- 16
Russig Elisabeth
47057 Schönhauser- 3
– Richard 47057 Schönhauser- 3
Rußinski Detlef 47239 Allensteiner- 6
– Erika 47239 Allensteiner- 6
Rußler Harald 47057 Blumen- 12
– Jörg 47259 Mühlenkamp 1
Russler Stefanie 47051 Neue Markt- 8
Russo Alessandro 47053 Julius- 23
– Anna 47169 Wiesen- 1a
– Aurelio 47053 Julius- 23
– Beate 47057 Gauß- 2
– Carmelo 47051 Kremer- 57
– Damiano 47053 Brücken- 15
– Elena 47051 Dellplatz 7
– Giovanni 47051 Kremer- 57
– Giuseppa 47249 Lüderitzallee 57
– Giuseppe 47226 Hildegard- 12
– Ingrid 47053 Fröbel- 48
– Maria 47169 Wiesen- 1a
– Mario 47057 Neudorfer- 130
– Massimo 47249 Lüderitzallee 57
– Monika 47239 Anna- 4
– Salvatore 47053 Fröbel- 48
– Sebastiana 47051 Kremer- 57
– Toni 47053 Fröbel- 48
– Vincenzo 47169 Wiesen- 1a
Russo di Vincenzo Maria
47051 Papendelle 22
Russo Lovisotto Manuela
47169 August-Bebel-Platz 1
Russu Anca-Maria 47051 Mosel- 7
– Catinca 47051 Mosel- 7
– Frumuzache-Mircea 47051 Mosel- 7
– Ruxandra-Veturia-Maria
47051 Mosel- 7
Rust Amalia 47169 Lothringer- 7
– Anke 47057 Klöckner- 241
– Hans-Joachim
47279 Worringer Weg 28
– Herbert 47169 Waldecker- 35
– Herta 47057 Schemkesweg 18
– Jürgen 47057 Wild- 53
– Klaus 47279 Bissingheimer- 283
– Manfred 47178 Friedrich-Ebert- 396
– Margarete 47169 Waldecker- 35
– Marianne 47249 Böber- 14
– Monika 47279 Worringer Weg 28
– Ruthwald 47226 Hans-Böckler- 16
– Ursula 47279 Bissingheimer- 283
– Veronika 47178 Friedrich-Ebert- 396
– Werner 47226 Hans-Böckler- 16
Rustein Edith 47119 Harmonie- 15
– Hildegard 47053 Welker- 16
– Maria 47119 Harmonie- 15
Rustema Elaine 47053 Antonien- 5
– Milorad 47053 Antonien- 5
Rustemaj Becir
47119 Friedrich-Ebert- 136
Rustemi Amin 47053 Antonien- 5
– Amit 47119 Friedrich-Ebert- 136
– Bahtije 47239 Glückauf- 3
– Sabina 47239 Glückauf- 3
– Zulfi 47239 Glückauf- 3
Rustemov Bentia 47051 Kremer- 59
– Turkijan 47051 Kremer- 53
Rustenbach Barbara
47269 Heltorfer- 50
– Heike 47269 Heltorfer- 50
– Klaus 47269 Heltorfer- 50
Ruster Andreas
47057 Sternbuschweg 37
– Elfriede 47053 Engelbert- 2
– Georg 47053 Heer- 47
– Karin 47139 Bruckhauser- 37
– Karl 47057 Kammer- 50
– Karin 47139 Bruckhauser- 37
– Monika 47053 Heer- 47
– Ursula 47057 Kammer- 50
Rustici Alfio
47167 Am Kreyenbergshof 106b
– Franco 47166 Sterkrader- 47
– Heike
47167 Am Kreyenbergshof 106b
– Michael 47169 Wilfried- 9
Rustige Karl 47249 Tölzer- 17
– Thekla 47249 Tölzer- 17
– Ursula 47249 Tölzer- 17
Rustler Anna 47139 Lange Kamp 64
– Dirk 47058 Wallenstein- 30
– Heidemarie 47198 Dunker- 17
– Ursula 47057 Kammer- 128
Ruszczyk Janina 47059 Ranke- 5
Ruszkiewicz Birgit 47059 Java- 48
Rutekolk Barbara
47249 Angertaler- 149b
– Dietmar 47053 Bach- 17
– Erwin 47249 Angertaler- 149b
– Gabriele 47279 Wedauer- 338
– Gertrud 47057 Schemkesweg 38
– Hans-Werner 47279 Wedauer- 338
– Ina 47057 Schemkesweg 38
– Karl-Heinz 47057 Nibelungen- 68
– Lieselotte 47055 Buchholz- 26
– Marianne 47279 Allensteiner Ring 7
– Rainer 47279 Dannen- 6
– Rainer 47053 Wörth- 35
– Stefanie 47249 Angertaler- 149b
– Ursula 47119 Schill- 8
Rutert Bärbel 47179 Bartenkamp 15
– Bärbel 47137 Eupener- 31
– Barbara 47137 Bronkhorst- 81
– Edith 47178 In den Groonlanden 13
– Emilie 47169 Wehofer- 33
– Erna 47178 George- 16
– Gerda 47137 Franseckii- 10
– Helga 47166 Richter- 39
– Helga 47167 Theodor-Heuss- 7
Einwohner ● Namen-Teil
A-DU	Firmen, Gewerbebetriebe usw. nach Namen – siehe gelber Teil
